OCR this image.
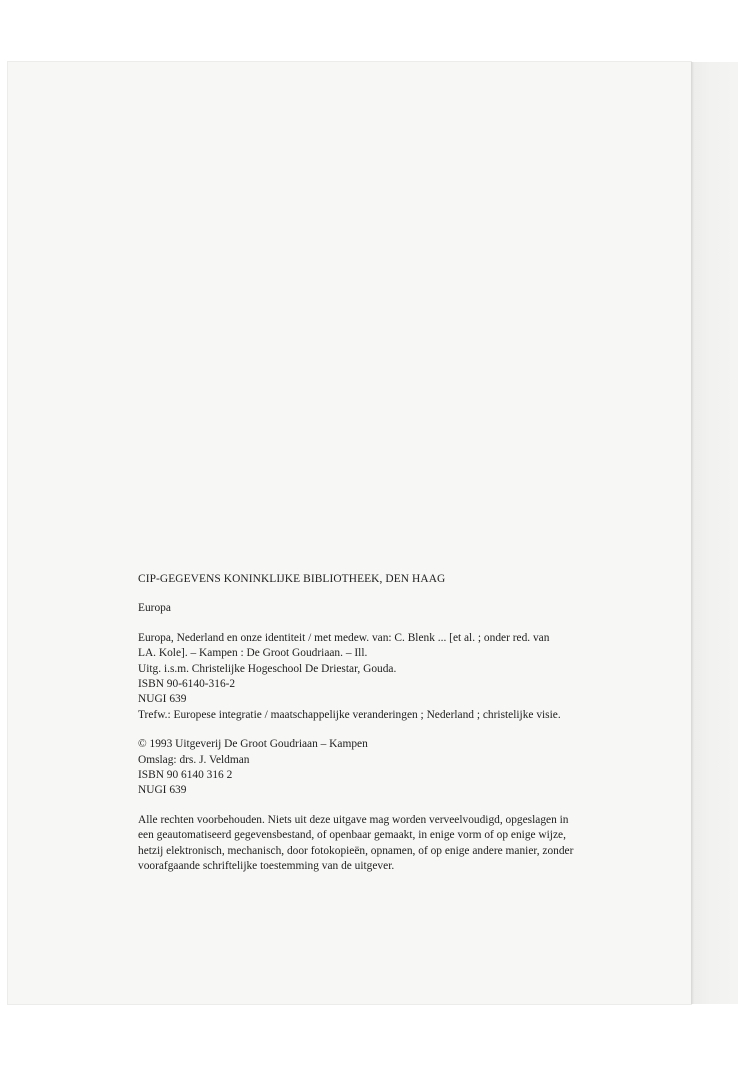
CIP-GEGEVENS KONINKLIJKE BIBLIOTHEEK, DEN HAAG

Europa

Europa, Nederland en onze identiteit / met medew. van: C. Blenk ... [et al. ; onder red. van

LA. Kole]. – Kampen : De Groot Goudriaan. – Ill.

Uitg. i.s.m. Christelijke Hogeschool De Driestar, Gouda.

ISBN 90-6140-316-2

NUGI 639

Trefw.: Europese integratie / maatschappelijke veranderingen ; Nederland ; christelijke visie.

© 1993 Uitgeverij De Groot Goudriaan – Kampen

Omslag: drs. J. Veldman

ISBN 90 6140 316 2

NUGI 639

Alle rechten voorbehouden. Niets uit deze uitgave mag worden verveelvoudigd, opgeslagen in

een geautomatiseerd gegevensbestand, of openbaar gemaakt, in enige vorm of op enige wijze,

hetzij elektronisch, mechanisch, door fotokopieën, opnamen, of op enige andere manier, zonder

voorafgaande schriftelijke toestemming van de uitgever.
